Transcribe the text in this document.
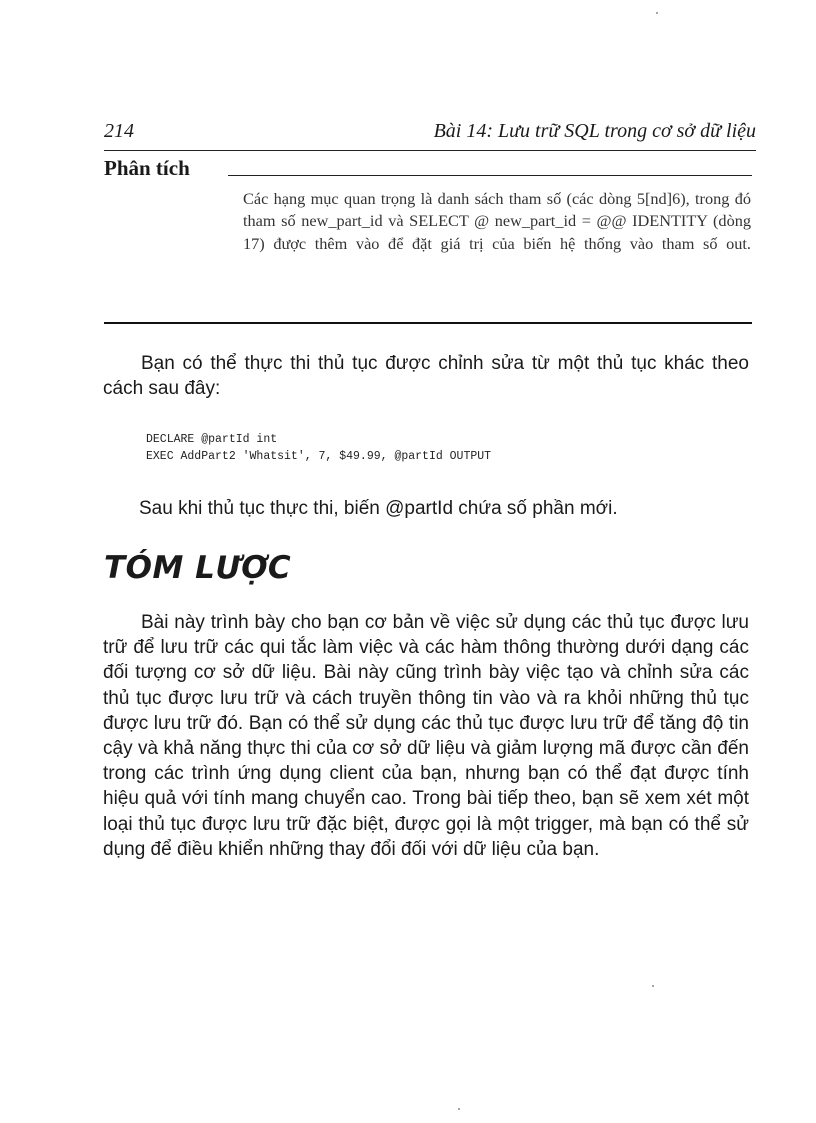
214	Bài 14: Lưu trữ SQL trong cơ sở dữ liệu
Phân tích

Các hạng mục quan trọng là danh sách tham số (các dòng 5[nd]6), trong đó tham số new_part_id và SELECT @ new_part_id = @@ IDENTITY (dòng 17) được thêm vào để đặt giá trị của biến hệ thống vào tham số out.

Bạn có thể thực thi thủ tục được chỉnh sửa từ một thủ tục khác theo cách sau đây:

DECLARE @partId int
EXEC AddPart2 'Whatsit', 7, $49.99, @partId OUTPUT

Sau khi thủ tục thực thi, biến @partId chứa số phần mới.

TÓM LƯỢC

Bài này trình bày cho bạn cơ bản về việc sử dụng các thủ tục được lưu trữ để lưu trữ các qui tắc làm việc và các hàm thông thường dưới dạng các đối tượng cơ sở dữ liệu. Bài này cũng trình bày việc tạo và chỉnh sửa các thủ tục được lưu trữ và cách truyền thông tin vào và ra khỏi những thủ tục được lưu trữ đó. Bạn có thể sử dụng các thủ tục được lưu trữ để tăng độ tin cậy và khả năng thực thi của cơ sở dữ liệu và giảm lượng mã được cần đến trong các trình ứng dụng client của bạn, nhưng bạn có thể đạt được tính hiệu quả với tính mang chuyển cao. Trong bài tiếp theo, bạn sẽ xem xét một loại thủ tục được lưu trữ đặc biệt, được gọi là một trigger, mà bạn có thể sử dụng để điều khiển những thay đổi đối với dữ liệu của bạn.
